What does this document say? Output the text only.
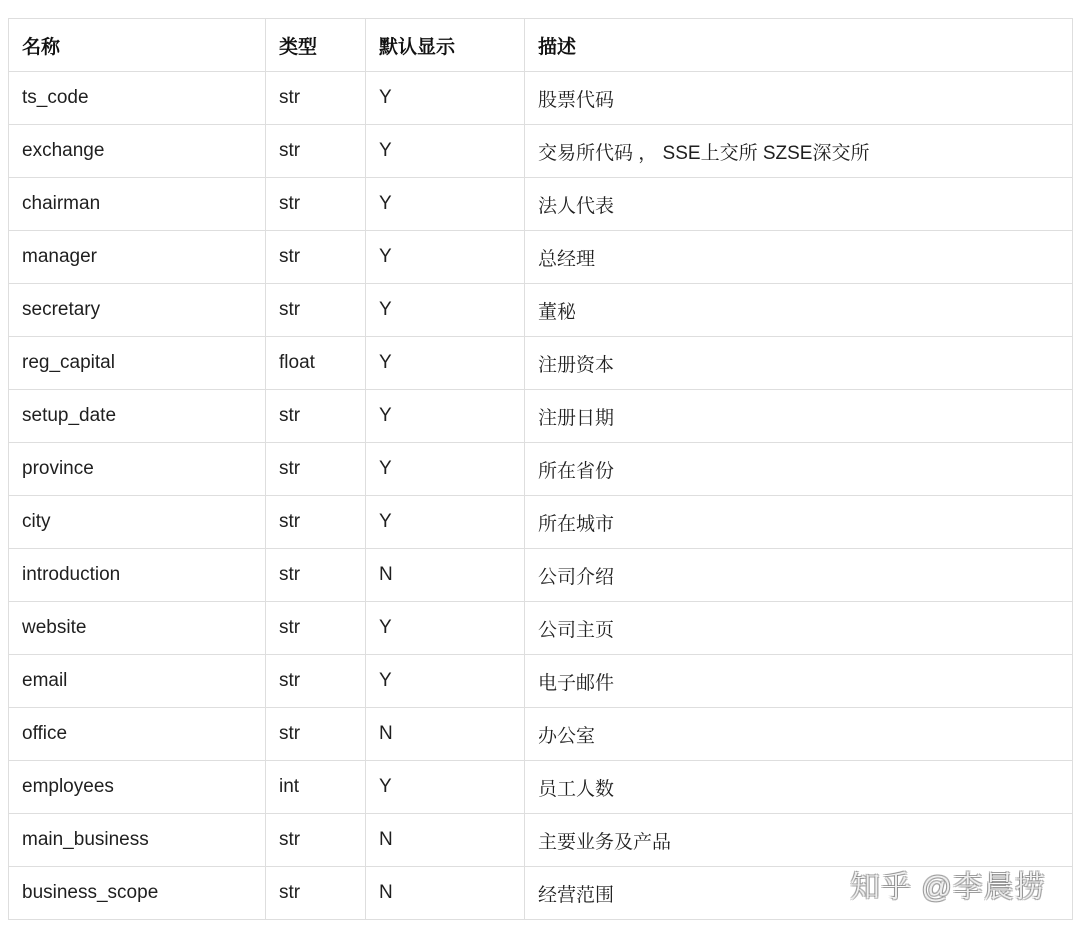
名称	类型	默认显示	描述
ts_code	str	Y	股票代码
exchange	str	Y	交易所代码 ， SSE上交所 SZSE深交所
chairman	str	Y	法人代表
manager	str	Y	总经理
secretary	str	Y	董秘
reg_capital	float	Y	注册资本
setup_date	str	Y	注册日期
province	str	Y	所在省份
city	str	Y	所在城市
introduction	str	N	公司介绍
website	str	Y	公司主页
email	str	Y	电子邮件
office	str	N	办公室
employees	int	Y	员工人数
main_business	str	N	主要业务及产品
business_scope	str	N	经营范围	知乎 @李晨捞
